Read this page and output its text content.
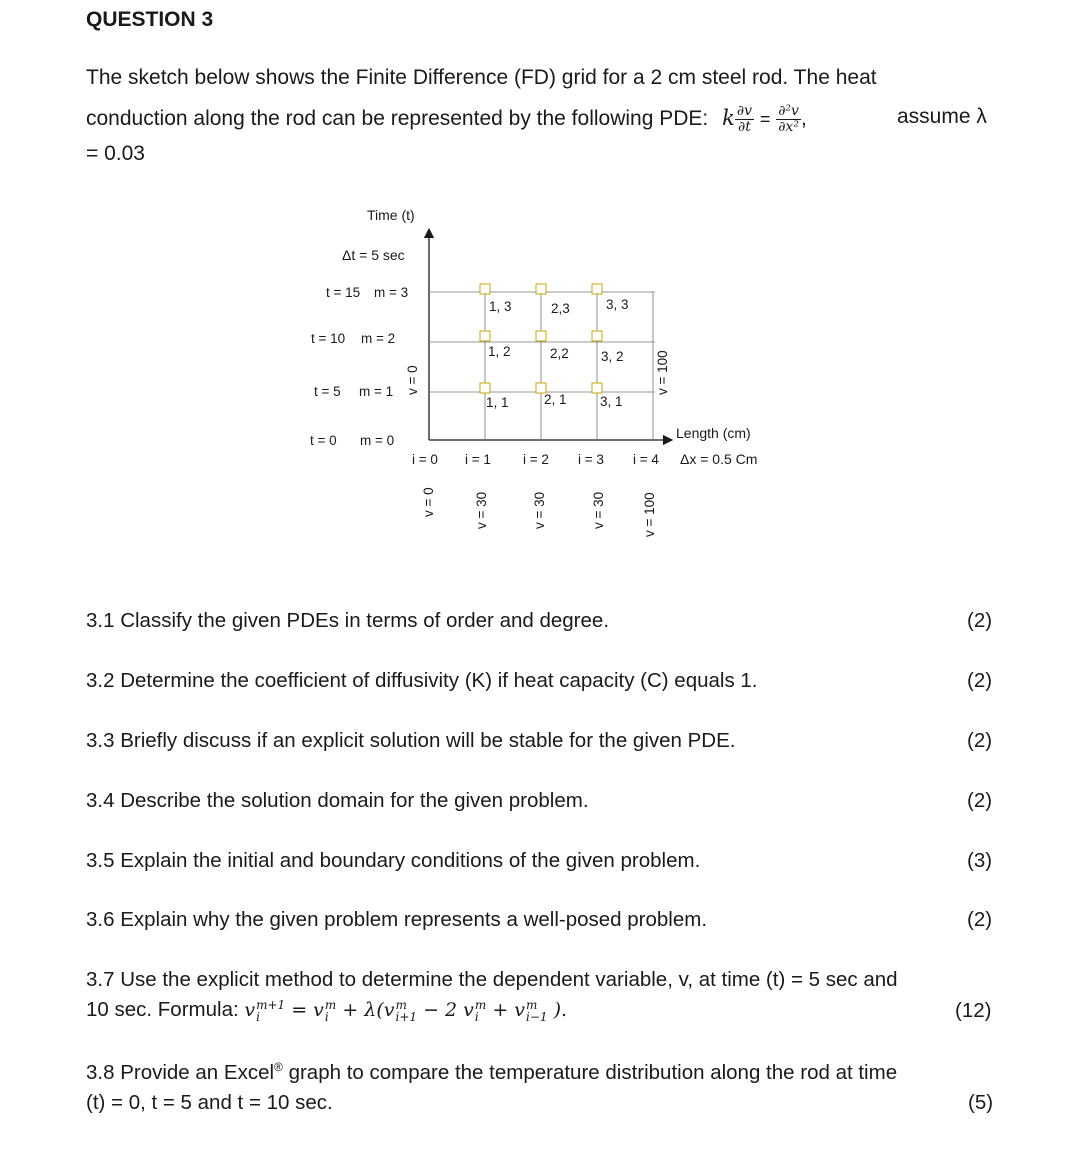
QUESTION 3
The sketch below shows the Finite Difference (FD) grid for a 2 cm steel rod. The heat
conduction along the rod can be represented by the following PDE: k $\frac{\partial v}{\partial t} = \frac{\text{∂²v}}{\text{∂x²}}$ ,	assume λ
= 0.03
Time (t)
Δt = 5 sec
t = 15 m = 3
t = 10 m = 2
t = 5 m = 1
t = 0 m = 0
v = 0	v = 100
1, 3	2,3	3, 3
1, 2	2,2 3, 2
1, 1	2, 1 3, 1
Length (cm)
Δx = 0.5 Cm
i = 0 i = 1 i = 2 i = 3 i = 4
v = 0	v = 30	v = 30	v = 30	v = 100
3.1 Classify the given PDEs in terms of order and degree.	(2)
3.2 Determine the coefficient of diffusivity (K) if heat capacity (C) equals 1.	(2)
3.3 Briefly discuss if an explicit solution will be stable for the given PDE.	(2)
3.4 Describe the solution domain for the given problem.	(2)
3.5 Explain the initial and boundary conditions of the given problem.	(3)
3.6 Explain why the given problem represents a well-posed problem.	(2)
3.7 Use the explicit method to determine the dependent variable, v, at time (t) = 5 sec and
10 sec. Formula: v m+1
i	= v m
i + λ(v m
i+1 − 2 v m
i + v m
i−1 ).	(12)
3.8 Provide an Excel® graph to compare the temperature distribution along the rod at time
(t) = 0, t = 5 and t = 10 sec.	(5)
